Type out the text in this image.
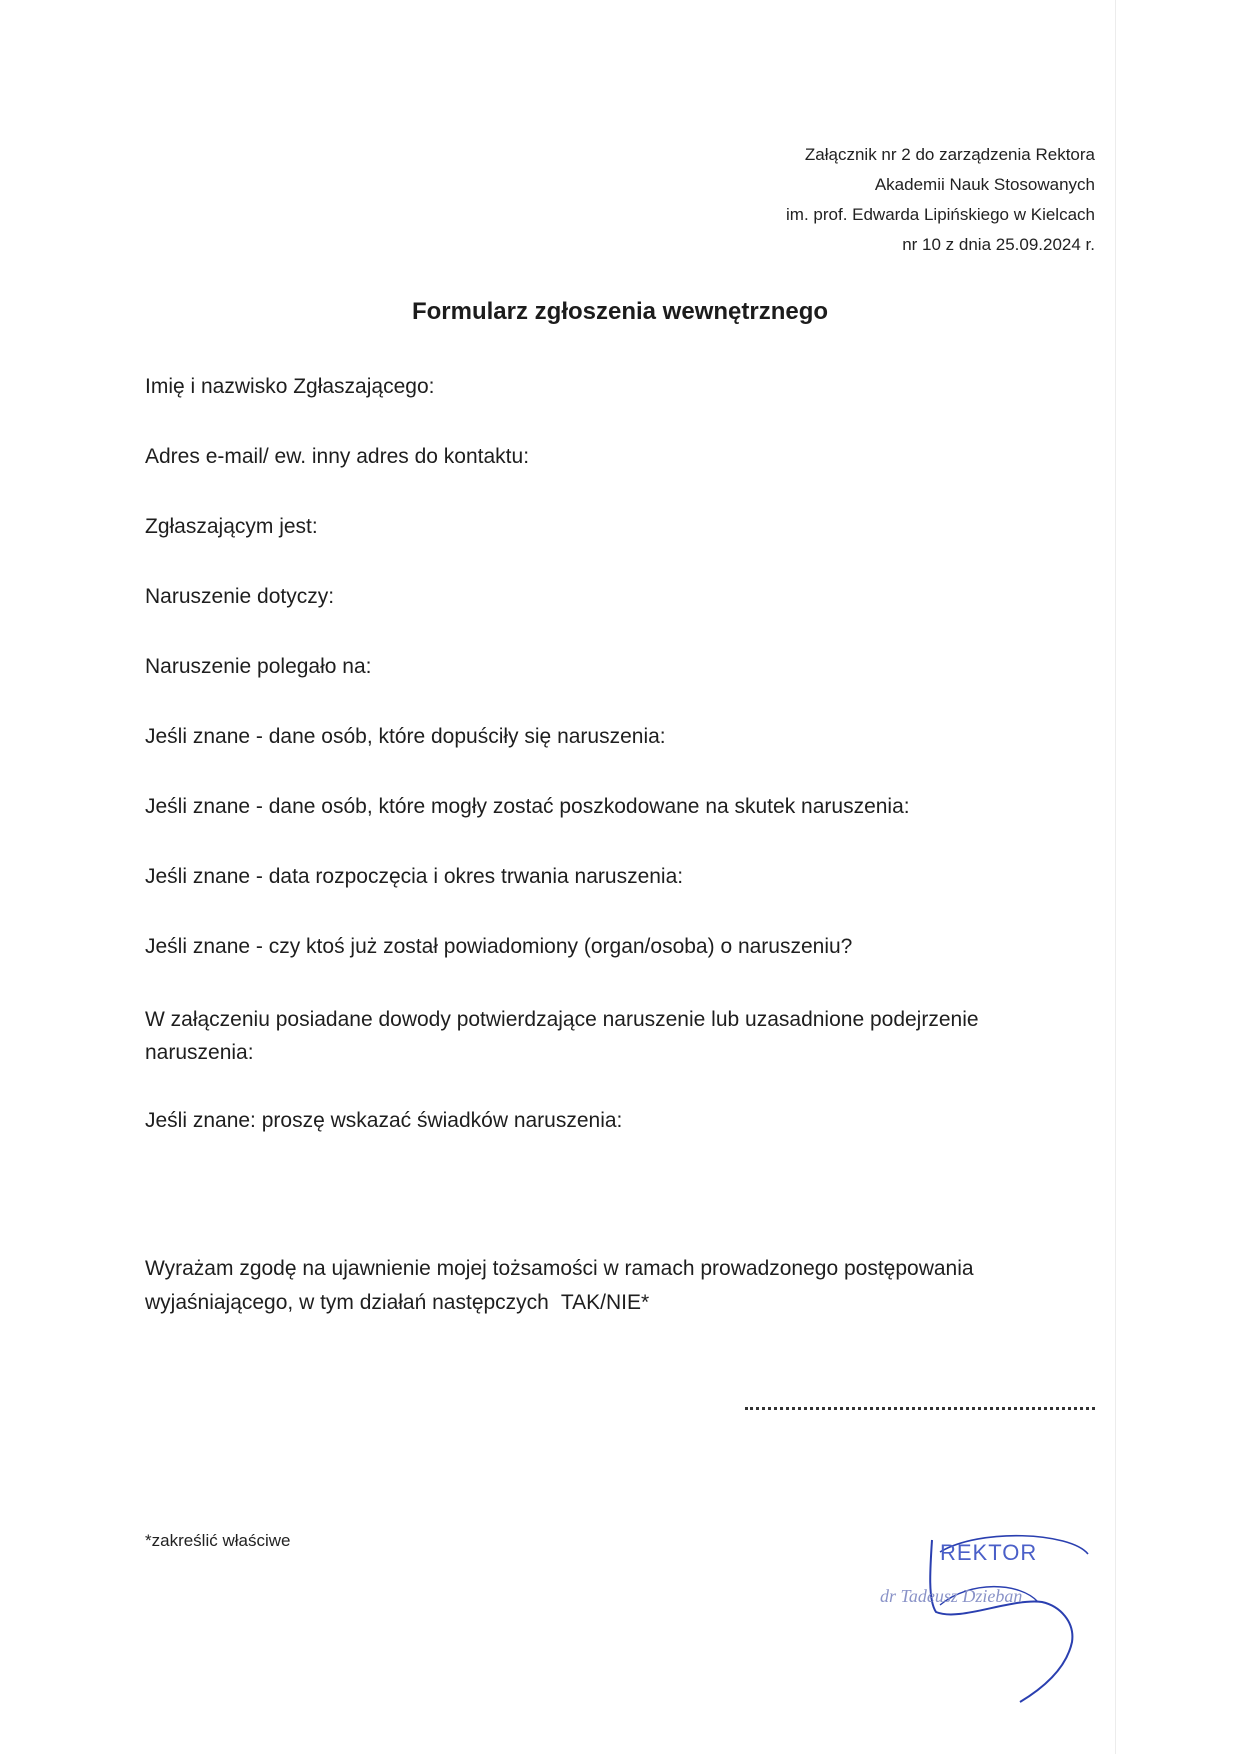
Załącznik nr 2 do zarządzenia Rektora
Akademii Nauk Stosowanych
im. prof. Edwarda Lipińskiego w Kielcach
nr 10 z dnia 25.09.2024 r.
Formularz zgłoszenia wewnętrznego
Imię i nazwisko Zgłaszającego:
Adres e-mail/ ew. inny adres do kontaktu:
Zgłaszającym jest:
Naruszenie dotyczy:
Naruszenie polegało na:
Jeśli znane - dane osób, które dopuściły się naruszenia:
Jeśli znane - dane osób, które mogły zostać poszkodowane na skutek naruszenia:
Jeśli znane - data rozpoczęcia i okres trwania naruszenia:
Jeśli znane - czy ktoś już został powiadomiony (organ/osoba) o naruszeniu?
W załączeniu posiadane dowody potwierdzające naruszenie lub uzasadnione podejrzenie naruszenia:
Jeśli znane: proszę wskazać świadków naruszenia:
Wyrażam zgodę na ujawnienie mojej tożsamości w ramach prowadzonego postępowania wyjaśniającego, w tym działań następczych TAK/NIE*
*zakreślić właściwe	REKTOR
dr Tadeusz Dzieban
